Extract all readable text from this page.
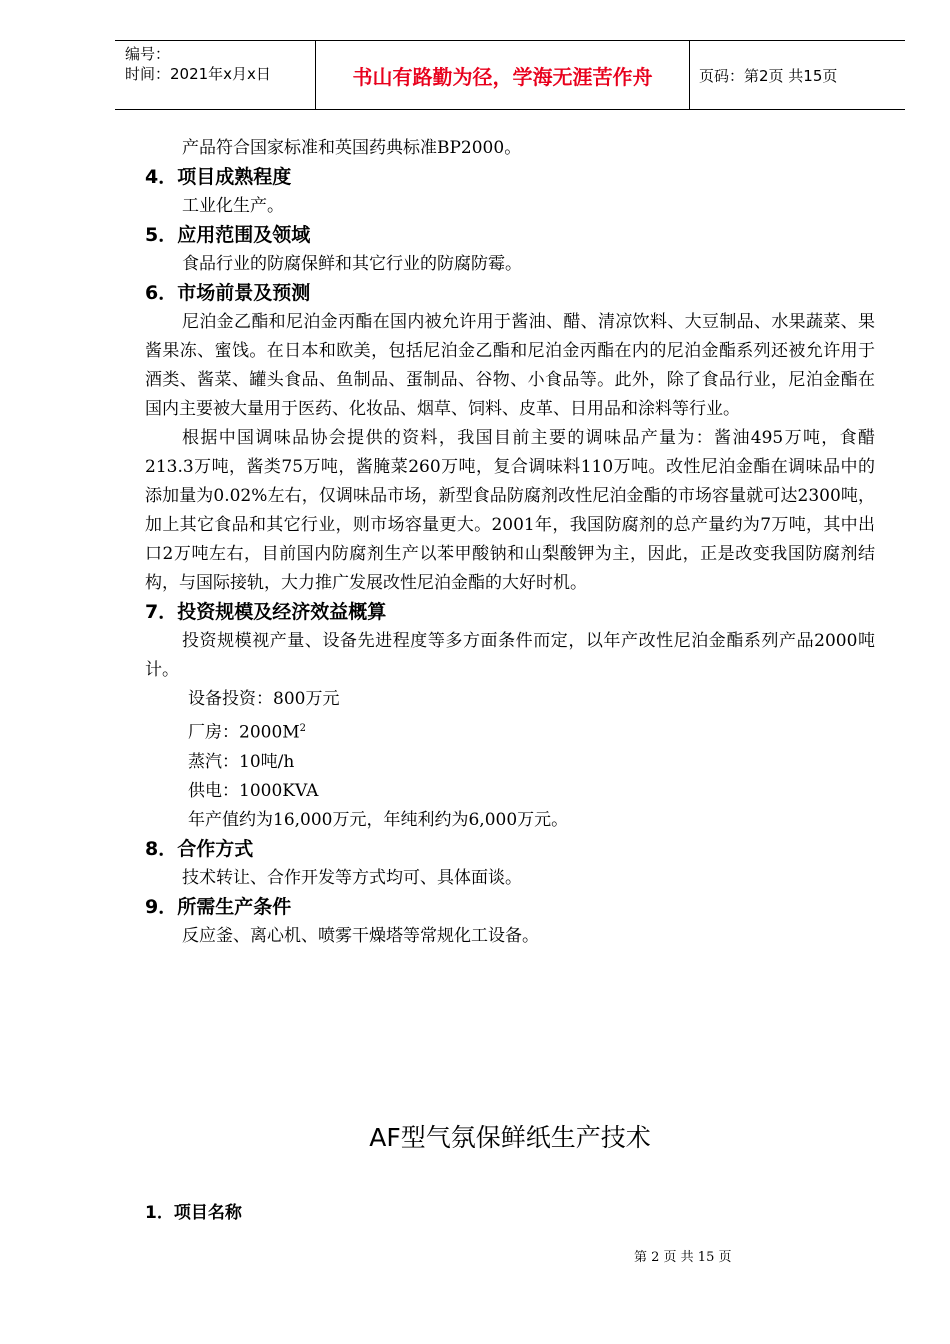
编号：
时间：2021年x月x日	书山有路勤为径，学海无涯苦作舟	页码：第2页 共15页

产品符合国家标准和英国药典标准BP2000。

4．项目成熟程度

工业化生产。

5．应用范围及领域

食品行业的防腐保鲜和其它行业的防腐防霉。

6．市场前景及预测

尼泊金乙酯和尼泊金丙酯在国内被允许用于酱油、醋、清凉饮料、大豆制品、水果蔬菜、果酱果冻、蜜饯。在日本和欧美，包括尼泊金乙酯和尼泊金丙酯在内的尼泊金酯系列还被允许用于酒类、酱菜、罐头食品、鱼制品、蛋制品、谷物、小食品等。此外，除了食品行业，尼泊金酯在国内主要被大量用于医药、化妆品、烟草、饲料、皮革、日用品和涂料等行业。

根据中国调味品协会提供的资料，我国目前主要的调味品产量为：酱油495万吨，食醋213.3万吨，酱类75万吨，酱腌菜260万吨，复合调味料110万吨。改性尼泊金酯在调味品中的添加量为0.02%左右，仅调味品市场，新型食品防腐剂改性尼泊金酯的市场容量就可达2300吨，加上其它食品和其它行业，则市场容量更大。2001年，我国防腐剂的总产量约为7万吨，其中出口2万吨左右，目前国内防腐剂生产以苯甲酸钠和山梨酸钾为主，因此，正是改变我国防腐剂结构，与国际接轨，大力推广发展改性尼泊金酯的大好时机。

7．投资规模及经济效益概算

投资规模视产量、设备先进程度等多方面条件而定，以年产改性尼泊金酯系列产品2000吨计。

设备投资：800万元

厂房：$2000M^2$

蒸汽：10吨/h

供电：1000KVA

年产值约为16,000万元，年纯利约为6,000万元。

8．合作方式

技术转让、合作开发等方式均可、具体面谈。

9．所需生产条件

反应釜、离心机、喷雾干燥塔等常规化工设备。

AF型气氛保鲜纸生产技术
1．项目名称
第 2 页 共 15 页
